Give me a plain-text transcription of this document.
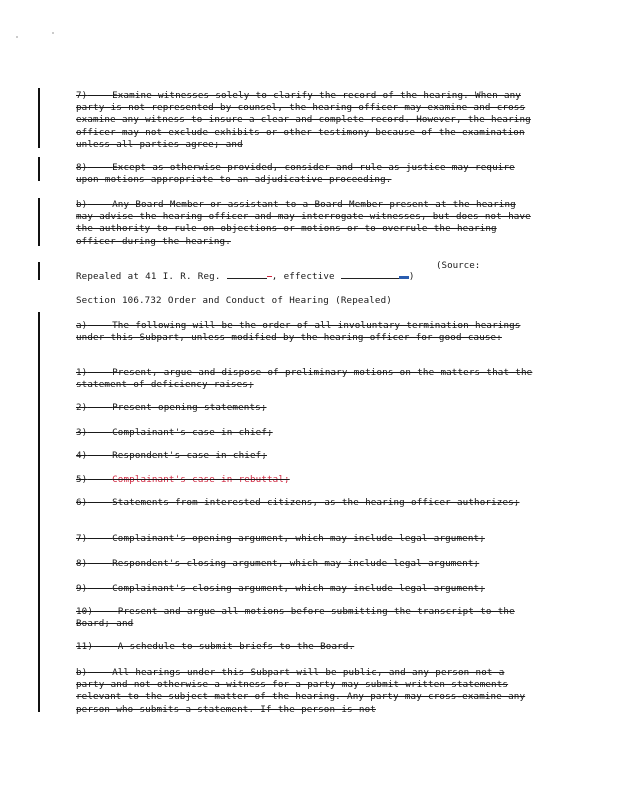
7)	Examine witnesses solely to clarify the record of the hearing. When any party is not represented by counsel, the hearing officer may examine and cross examine any witness to insure a clear and complete record. However, the hearing officer may not exclude exhibits or other testimony because of the examination unless all parties agree; and
8)	Except as otherwise provided, consider and rule as justice may require upon motions appropriate to an adjudicative proceeding.
b)	Any Board Member or assistant to a Board Member present at the hearing may advise the hearing officer and may interrogate witnesses, but does not have the authority to rule on objections or motions or to overrule the hearing officer during the hearing.
(Source:
Repealed at 41 I. R. Reg.	, effective	)
Section 106.732 Order and Conduct of Hearing (Repealed)
a)	The following will be the order of all involuntary termination hearings under this Subpart, unless modified by the hearing officer for good cause:
1)	Present, argue and dispose of preliminary motions on the matters that the statement of deficiency raises;
2)	Present opening statements;
3)	Complainant's case in chief;
4)	Respondent's case in chief;
5)	Complainant's case in rebuttal;
6)	Statements from interested citizens, as the hearing officer authorizes;
7)	Complainant's opening argument, which may include legal argument;
8)	Respondent's closing argument, which may include legal argument;
9)	Complainant's closing argument, which may include legal argument;
10)	Present and argue all motions before submitting the transcript to the Board; and
11)	A schedule to submit briefs to the Board.
b)	All hearings under this Subpart will be public, and any person not a party and not otherwise a witness for a party may submit written statements relevant to the subject matter of the hearing. Any party may cross-examine any person who submits a statement. If the person is not
